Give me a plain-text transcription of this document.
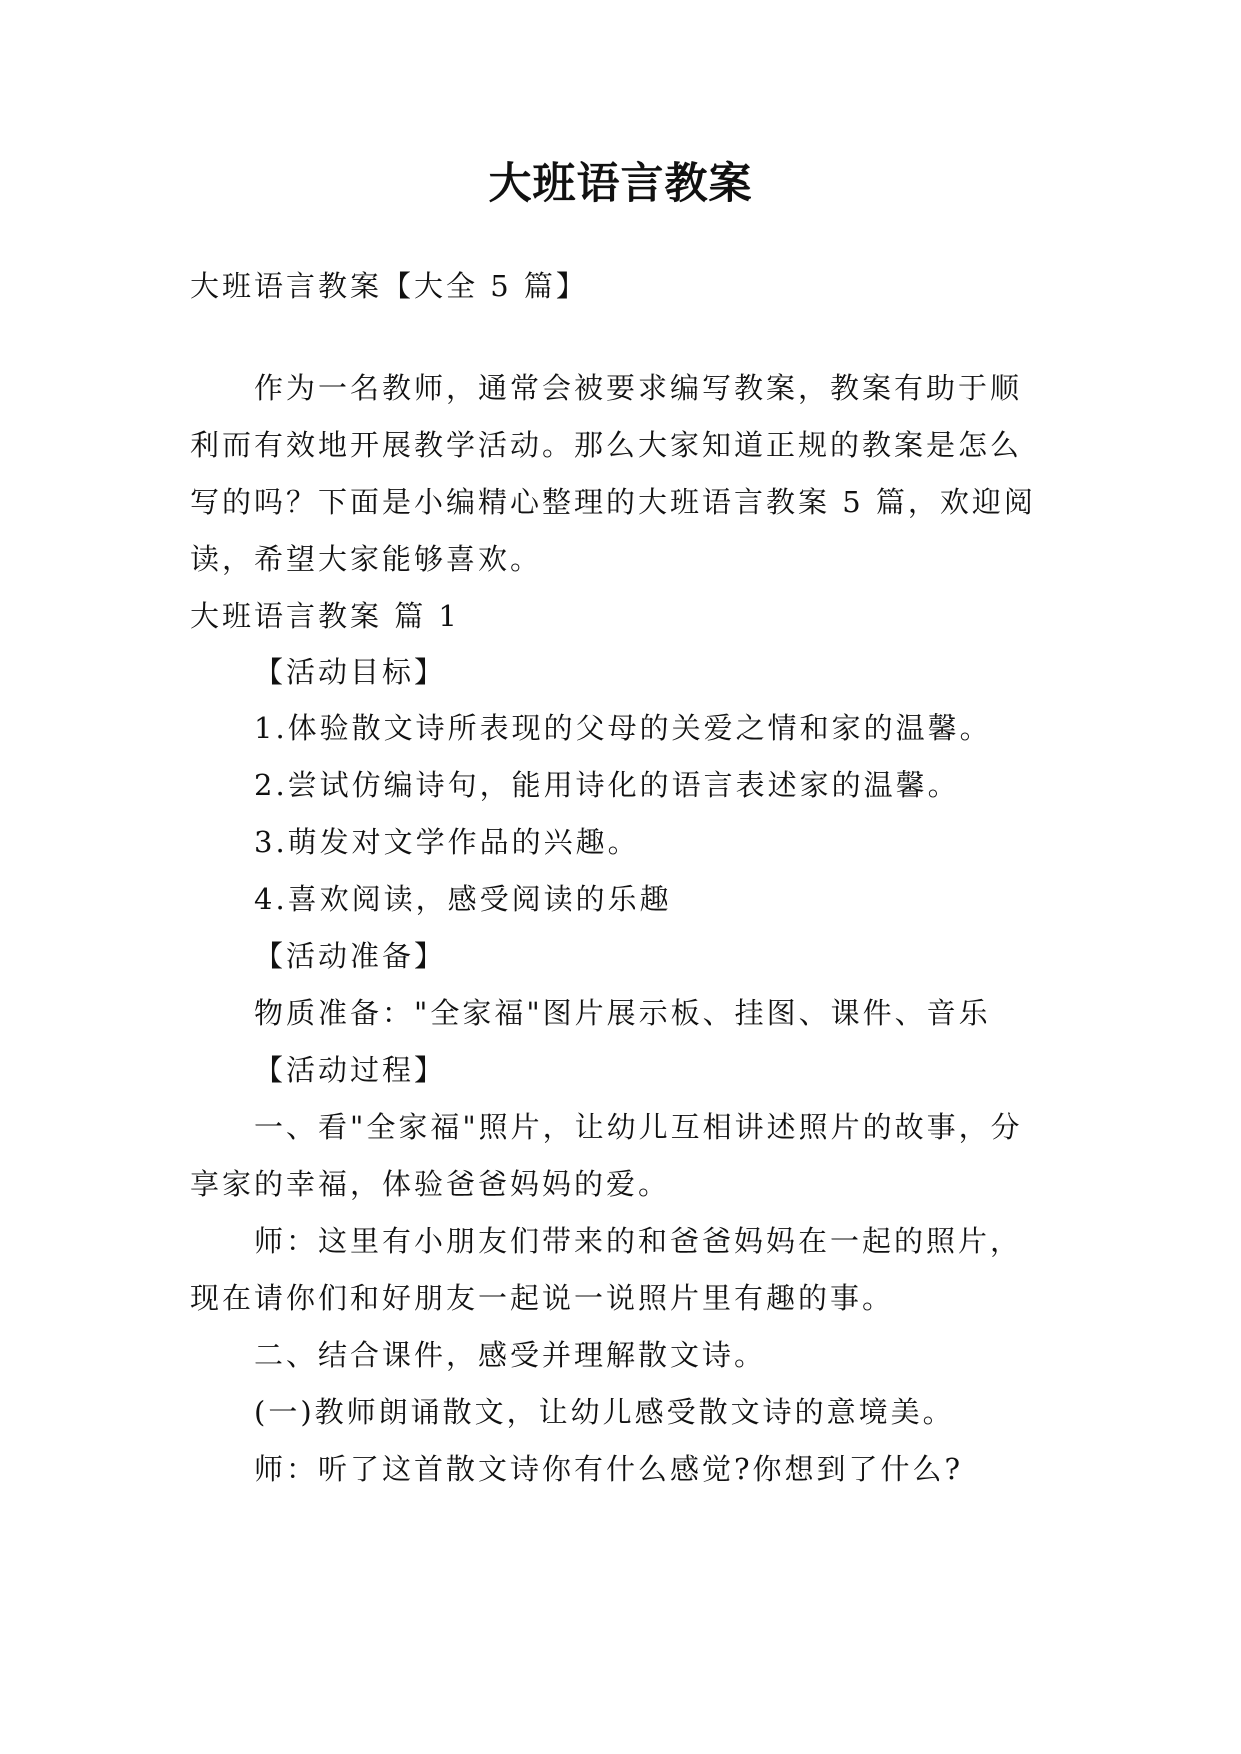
大班语言教案
大班语言教案【大全 5 篇】
作为一名教师，通常会被要求编写教案，教案有助于顺
利而有效地开展教学活动。那么大家知道正规的教案是怎么
写的吗？下面是小编精心整理的大班语言教案 5 篇，欢迎阅
读，希望大家能够喜欢。
大班语言教案 篇 1
【活动目标】
1.体验散文诗所表现的父母的关爱之情和家的温馨。
2.尝试仿编诗句，能用诗化的语言表述家的温馨。
3.萌发对文学作品的兴趣。
4.喜欢阅读，感受阅读的乐趣
【活动准备】
物质准备："全家福"图片展示板、挂图、课件、音乐
【活动过程】
一、看"全家福"照片，让幼儿互相讲述照片的故事，分
享家的幸福，体验爸爸妈妈的爱。
师：这里有小朋友们带来的和爸爸妈妈在一起的照片，
现在请你们和好朋友一起说一说照片里有趣的事。
二、结合课件，感受并理解散文诗。
(一)教师朗诵散文，让幼儿感受散文诗的意境美。
师：听了这首散文诗你有什么感觉?你想到了什么?
